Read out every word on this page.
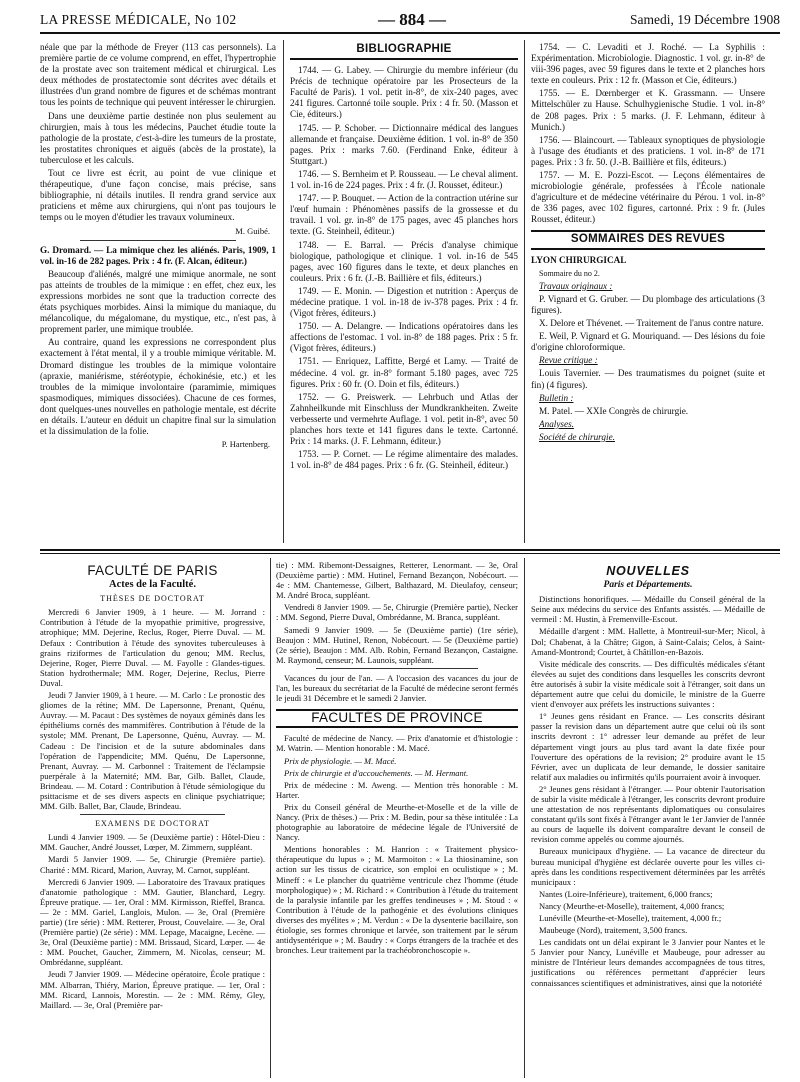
LA PRESSE MÉDICALE, No 102	— 884 —	Samedi, 19 Décembre 1908

néale que par la méthode de Freyer (113 cas personnels). La première partie de ce volume comprend, en effet, l'hypertrophie de la prostate avec son traitement médical et chirurgical. Les deux méthodes de prostatectomie sont décrites avec détails et illustrées d'un grand nombre de figures et de schémas montrant tous les points de technique qui peuvent intéresser le chirurgien.

Dans une deuxième partie destinée non plus seulement au chirurgien, mais à tous les médecins, Pauchet étudie toute la pathologie de la prostate, c'est-à-dire les tumeurs de la prostate, les prostatites chroniques et aiguës (abcès de la prostate), la tuberculose et les calculs.

Tout ce livre est écrit, au point de vue clinique et thérapeutique, d'une façon concise, mais précise, sans bibliographie, ni détails inutiles. Il rendra grand service aux praticiens et même aux chirurgiens, qui n'ont pas toujours le temps ou le moyen d'étudier les travaux volumineux.

M. Guibé.

G. Dromard. — La mimique chez les aliénés. Paris, 1909, 1 vol. in-16 de 282 pages. Prix : 4 fr. (F. Alcan, éditeur.)

Beaucoup d'aliénés, malgré une mimique anormale, ne sont pas atteints de troubles de la mimique : en effet, chez eux, les expressions morbides ne sont que la traduction correcte des états psychiques morbides. Ainsi la mimique du maniaque, du mélancolique, du mégalomane, du mystique, etc., n'est pas, à proprement parler, une mimique troublée.

Au contraire, quand les expressions ne correspondent plus exactement à l'état mental, il y a trouble mimique véritable. M. Dromard distingue les troubles de la mimique volontaire (apraxie, maniérisme, stéréotypie, échokinésie, etc.) et les troubles de la mimique involontaire (paramimie, mimiques spasmodiques, mimiques dissociées). Chacune de ces formes, dont quelques-unes nouvelles en pathologie mentale, est décrite en détails. L'auteur en déduit un chapitre final sur la simulation et la dissimulation de la folie.

P. Hartenberg.
BIBLIOGRAPHIE

1744. — G. Labey. — Chirurgie du membre inférieur (du Précis de technique opératoire par les Prosecteurs de la Faculté de Paris). 1 vol. petit in-8°, de xix-240 pages, avec 241 figures. Cartonné toile souple. Prix : 4 fr. 50. (Masson et Cie, éditeurs.)

1745. — P. Schober. — Dictionnaire médical des langues allemande et française. Deuxième édition. 1 vol. in-8° de 350 pages. Prix : marks 7.60. (Ferdinand Enke, éditeur à Stuttgart.)

1746. — S. Bernheim et P. Rousseau. — Le cheval aliment. 1 vol. in-16 de 224 pages. Prix : 4 fr. (J. Rousset, éditeur.)

1747. — P. Bouquet. — Action de la contraction utérine sur l'œuf humain : Phénomènes passifs de la grossesse et du travail. 1 vol. gr. in-8° de 175 pages, avec 45 planches hors texte. (G. Steinheil, éditeur.)

1748. — E. Barral. — Précis d'analyse chimique biologique, pathologique et clinique. 1 vol. in-16 de 545 pages, avec 160 figures dans le texte, et deux planches en couleurs. Prix : 6 fr. (J.-B. Baillière et fils, éditeurs.)

1749. — E. Monin. — Digestion et nutrition : Aperçus de médecine pratique. 1 vol. in-18 de iv-378 pages. Prix : 4 fr. (Vigot frères, éditeurs.)

1750. — A. Delangre. — Indications opératoires dans les affections de l'estomac. 1 vol. in-8° de 188 pages. Prix : 5 fr. (Vigot frères, éditeurs.)

1751. — Enriquez, Laffitte, Bergé et Lamy. — Traité de médecine. 4 vol. gr. in-8° formant 5.180 pages, avec 725 figures. Prix : 60 fr. (O. Doin et fils, éditeurs.)

1752. — G. Preiswerk. — Lehrbuch und Atlas der Zahnheilkunde mit Einschluss der Mundkrankheiten. Zweite verbesserte und vermehrte Auflage. 1 vol. petit in-8°, avec 50 planches hors texte et 141 figures dans le texte. Cartonné. Prix : 14 marks. (J. F. Lehmann, éditeur.)

1753. — P. Cornet. — Le régime alimentaire des malades. 1 vol. in-8° de 484 pages. Prix : 6 fr. (G. Steinheil, éditeur.)

1754. — C. Levaditi et J. Roché. — La Syphilis : Expérimentation. Microbiologie. Diagnostic. 1 vol. gr. in-8° de viii-396 pages, avec 59 figures dans le texte et 2 planches hors texte en couleurs. Prix : 12 fr. (Masson et Cie, éditeurs.)

1755. — E. Dœrnberger et K. Grassmann. — Unsere Mittelschüler zu Hause. Schulhygienische Studie. 1 vol. in-8° de 208 pages. Prix : 5 marks. (J. F. Lehmann, éditeur à Munich.)

1756. — Blaincourt. — Tableaux synoptiques de physiologie à l'usage des étudiants et des praticiens. 1 vol. in-8° de 171 pages. Prix : 3 fr. 50. (J.-B. Baillière et fils, éditeurs.)

1757. — M. E. Pozzi-Escot. — Leçons élémentaires de microbiologie générale, professées à l'École nationale d'agriculture et de médecine vétérinaire du Pérou. 1 vol. in-8° de 336 pages, avec 102 figures, cartonné. Prix : 9 fr. (Jules Rousset, éditeur.)

SOMMAIRES DES REVUES

LYON CHIRURGICAL

Sommaire du no 2.

Travaux originaux :

P. Vignard et G. Gruber. — Du plombage des articulations (3 figures).

X. Delore et Thévenet. — Traitement de l'anus contre nature.

E. Weil, P. Vignard et G. Mouriquand. — Des lésions du foie d'origine chloroformique.

Revue critique :

Louis Tavernier. — Des traumatismes du poignet (suite et fin) (4 figures).

Bulletin :

M. Patel. — XXIe Congrès de chirurgie.

Analyses.

Société de chirurgie.

FACULTÉ DE PARIS
Actes de la Faculté.
THÈSES DE DOCTORAT

Mercredi 6 Janvier 1909, à 1 heure. — M. Jorrand : Contribution à l'étude de la myopathie primitive, progressive, atrophique; MM. Dejerine, Reclus, Roger, Pierre Duval. — M. Defaux : Contribution à l'étude des synovites tuberculeuses à grains riziformes de l'articulation du genou; MM. Reclus, Dejerine, Roger, Pierre Duval. — M. Fayolle : Glandes-tigues. Station hydrothermale; MM. Roger, Dejerine, Reclus, Pierre Duval.

Jeudi 7 Janvier 1909, à 1 heure. — M. Carlo : Le pronostic des gliomes de la rétine; MM. De Lapersonne, Prenant, Quénu, Auvray. — M. Pacaut : Des systèmes de noyaux géminés dans les épithéliums cornés des mammifères. Contribution à l'étude de la systole; MM. Prenant, De Lapersonne, Quénu, Auvray. — M. Cadeau : De l'incision et de la suture abdominales dans l'opération de l'appendicite; MM. Quénu, De Lapersonne, Prenant, Auvray. — M. Carbonnel : Traitement de l'éclampsie puerpérale à la Maternité; MM. Bar, Gilb. Ballet, Claude, Brindeau. — M. Cotard : Contribution à l'étude sémiologique du psittacisme et de ses divers aspects en clinique psychiatrique; MM. Gilb. Ballet, Bar, Claude, Brindeau.

EXAMENS DE DOCTORAT

Lundi 4 Janvier 1909. — 5e (Deuxième partie) : Hôtel-Dieu : MM. Gaucher, André Jousset, Lœper, M. Zimmern, suppléant.

Mardi 5 Janvier 1909. — 5e, Chirurgie (Première partie). Charité : MM. Ricard, Marion, Auvray, M. Carnot, suppléant.

Mercredi 6 Janvier 1909. — Laboratoire des Travaux pratiques d'anatomie pathologique : MM. Gautier, Blanchard, Legry. Épreuve pratique. — 1er, Oral : MM. Kirmisson, Rieffel, Branca. — 2e : MM. Gariel, Langlois, Mulon. — 3e, Oral (Première partie) (1re série) : MM. Retterer, Proust, Couvelaire. — 3e, Oral (Première partie) (2e série) : MM. Lepage, Macaigne, Lecène. — 3e, Oral (Deuxième partie) : MM. Brissaud, Sicard, Lœper. — 4e : MM. Pouchet, Gaucher, Zimmern, M. Nicolas, censeur; M. Ombrédanne, suppléant.

Jeudi 7 Janvier 1909. — Médecine opératoire, École pratique : MM. Albarran, Thiéry, Marion, Épreuve pratique. — 1er, Oral : MM. Ricard, Lannois, Morestin. — 2e : MM. Rémy, Gley, Maillard. — 3e, Oral (Première par-

tie) : MM. Ribemont-Dessaignes, Retterer, Lenormant. — 3e, Oral (Deuxième partie) : MM. Hutinel, Fernand Bezançon, Nobécourt. — 4e : MM. Chantemesse, Gilbert, Balthazard, M. Dieulafoy, censeur; M. André Broca, suppléant.

Vendredi 8 Janvier 1909. — 5e, Chirurgie (Première partie), Necker : MM. Segond, Pierre Duval, Ombrédanne, M. Branca, suppléant.

Samedi 9 Janvier 1909. — 5e (Deuxième partie) (1re série), Beaujon : MM. Hutinel, Renon, Nobécourt. — 5e (Deuxième partie) (2e série), Beaujon : MM. Alb. Robin, Fernand Bezançon, Castaigne. M. Raymond, censeur; M. Launois, suppléant.

Vacances du jour de l'an. — A l'occasion des vacances du jour de l'an, les bureaux du secrétariat de la Faculté de médecine seront fermés le jeudi 31 Décembre et le samedi 2 Janvier.

FACULTÉS DE PROVINCE

Faculté de médecine de Nancy. — Prix d'anatomie et d'histologie : M. Watrin. — Mention honorable : M. Macé.

Prix de physiologie. — M. Macé.

Prix de chirurgie et d'accouchements. — M. Hermant.

Prix de médecine : M. Aweng. — Mention très honorable : M. Harter.

Prix du Conseil général de Meurthe-et-Moselle et de la ville de Nancy. (Prix de thèses.) — Prix : M. Bedin, pour sa thèse intitulée : La photographie au laboratoire de médecine légale de l'Université de Nancy.

Mentions honorables : M. Hanrion : « Traitement physico-thérapeutique du lupus » ; M. Marmoiton : « La thiosinamine, son action sur les tissus de cicatrice, son emploi en oculistique » ; M. Mineff : « Le plancher du quatrième ventricule chez l'homme (étude morphologique) » ; M. Richard : « Contribution à l'étude du traitement de la paralysie infantile par les greffes tendineuses » ; M. Stoud : « Contribution à l'étude de la pathogénie et des évolutions cliniques diverses des myélites » ; M. Verdun : « De la dysenterie bacillaire, son étiologie, ses formes chronique et larvée, son traitement par le sérum antidysentérique » ; M. Baudry : « Corps étrangers de la trachée et des bronches. Leur traitement par la trachéobronchoscopie ».

NOUVELLES
Paris et Départements.

Distinctions honorifiques. — Médaille du Conseil général de la Seine aux médecins du service des Enfants assistés. — Médaille de vermeil : M. Hustin, à Fremenville-Escout.

Médaille d'argent : MM. Hallette, à Montreuil-sur-Mer; Nicol, à Dol; Chabenat, à la Châtre; Gigon, à Saint-Calais; Celos, à Saint-Amand-Montrond; Courtet, à Châtillon-en-Bazois.

Visite médicale des conscrits. — Des difficultés médicales s'étant élevées au sujet des conditions dans lesquelles les conscrits devront être autorisés à subir la visite médicale soit à l'étranger, soit dans un département autre que celui du domicile, le ministre de la Guerre vient d'envoyer aux préfets les instructions suivantes :

1° Jeunes gens résidant en France. — Les conscrits désirant passer la revision dans un département autre que celui où ils sont inscrits devront : 1° adresser leur demande au préfet de leur département vingt jours au plus tard avant la date fixée pour l'ouverture des opérations de la revision; 2° produire avant le 15 Février, avec un duplicata de leur demande, le dossier sanitaire relatif aux maladies ou infirmités qu'ils pourraient avoir à invoquer.

2° Jeunes gens résidant à l'étranger. — Pour obtenir l'autorisation de subir la visite médicale à l'étranger, les conscrits devront produire une attestation de nos représentants diplomatiques ou consulaires constatant qu'ils sont fixés à l'étranger avant le 1er Janvier de l'année au cours de laquelle ils doivent comparaître devant le conseil de revision comme appelés ou comme ajournés.

Bureaux municipaux d'hygiène. — La vacance de directeur du bureau municipal d'hygiène est déclarée ouverte pour les villes ci-après dans les conditions respectivement déterminées par les arrêtés municipaux :

Nantes (Loire-Inférieure), traitement, 6,000 francs;

Nancy (Meurthe-et-Moselle), traitement, 4,000 francs;

Lunéville (Meurthe-et-Moselle), traitement, 4,000 fr.;

Maubeuge (Nord), traitement, 3,500 francs.

Les candidats ont un délai expirant le 3 Janvier pour Nantes et le 5 Janvier pour Nancy, Lunéville et Maubeuge, pour adresser au ministre de l'Intérieur leurs demandes accompagnées de tous titres, justifications ou références permettant d'apprécier leurs connaissances scientifiques et administratives, ainsi que la notoriété
